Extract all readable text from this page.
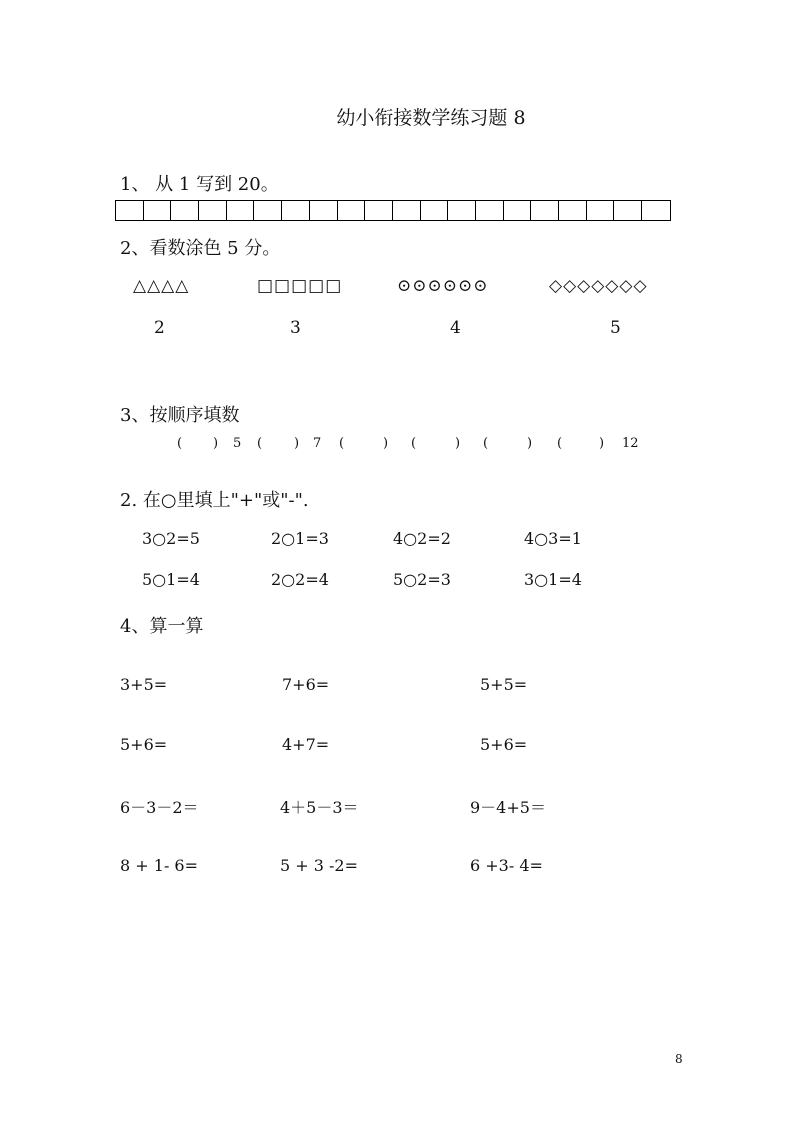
幼小衔接数学练习题 8
1、 从 1 写到 20。
2、看数涂色 5 分。
△△△△	□□□□□	⊙⊙⊙⊙⊙⊙	◇◇◇◇◇◇◇
2	3	4	5
3、按顺序填数
( ) 5 ( ) 7 (	) (	) (	) (	) 12
2. 在○里填上"+"或"-".
3○2=5	2○1=3	4○2=2	4○3=1
5○1=4	2○2=4	5○2=3	3○1=4
4、算一算
3+5=	7+6=	5+5=
5+6=	4+7=	5+6=
6－3－2＝	4＋5－3＝	9－4+5＝
8 + 1- 6=	5 + 3 -2=	6 +3- 4=
8
